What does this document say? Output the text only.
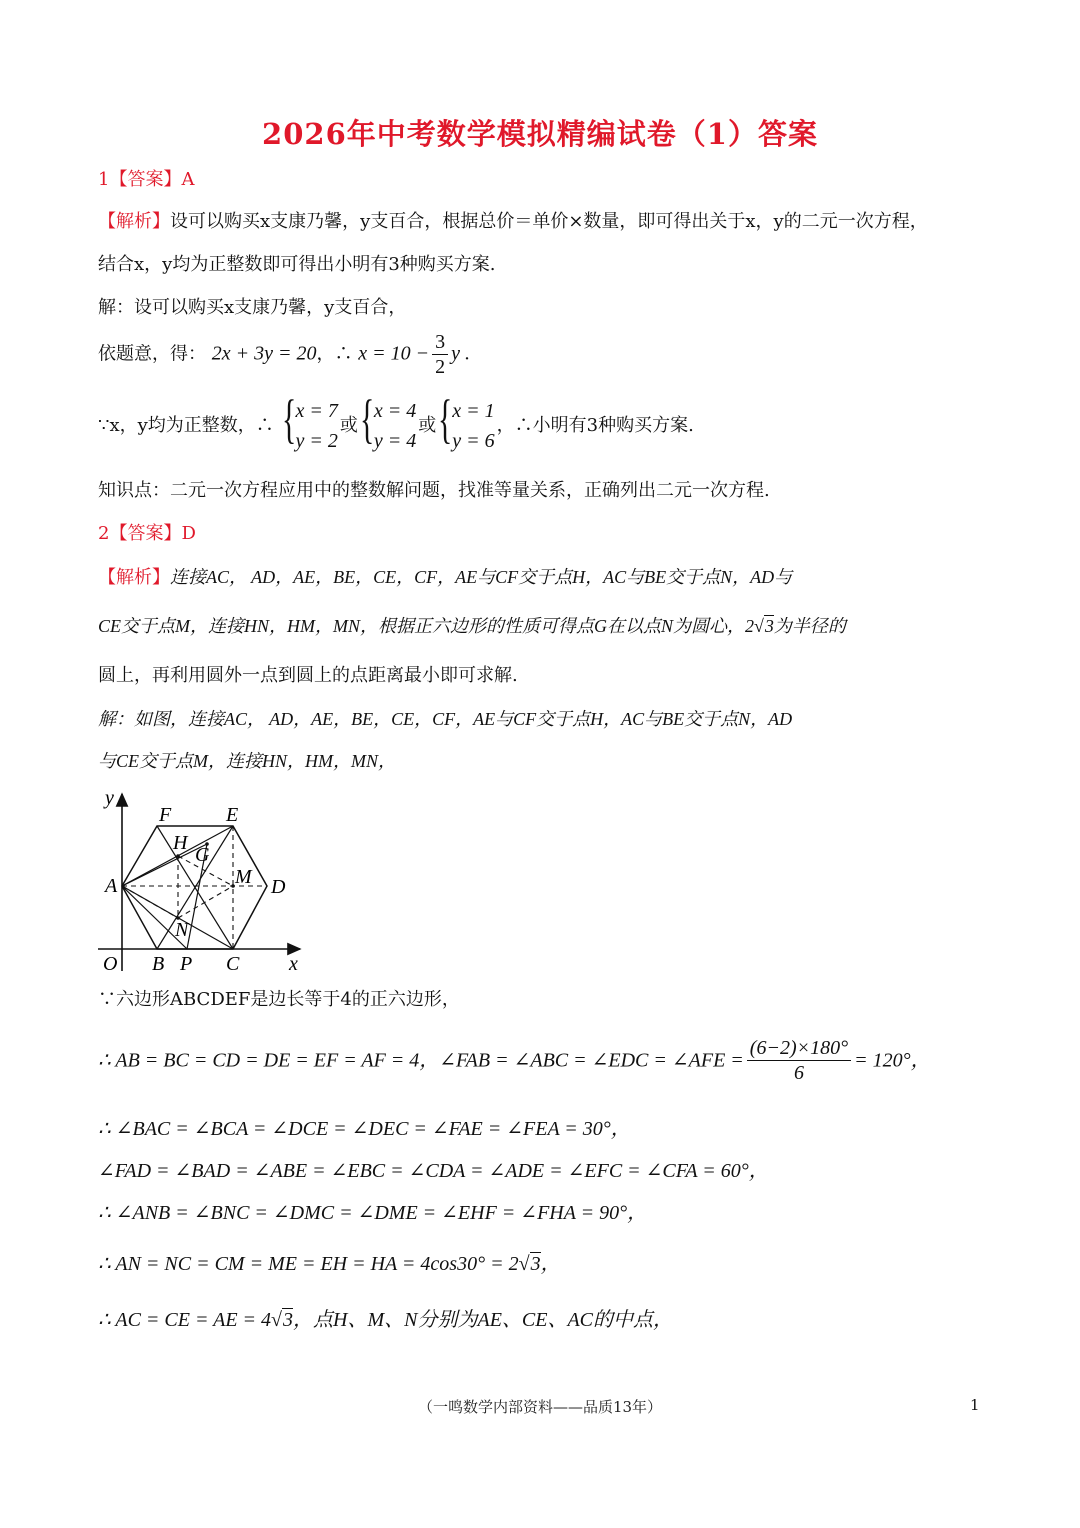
2026年中考数学模拟精编试卷（1）答案
1【答案】A
【解析】设可以购买x支康乃馨，y支百合，根据总价＝单价×数量，即可得出关于x，y的二元一次方程，
结合x，y均为正整数即可得出小明有3种购买方案.
解：设可以购买x支康乃馨，y支百合，
依题意，得： 2x + 3y = 20，∴ $x = 10 - \frac{3}{2}$ y .
∵x，y均为正整数，∴ { x = 7
y = 2
或 { x = 4
y = 4
或 { x = 1
y = 6
，∴小明有3种购买方案.
知识点：二元一次方程应用中的整数解问题，找准等量关系，正确列出二元一次方程.
2【答案】D
【解析】连接AC， AD，AE，BE，CE，CF，AE与CF交于点H，AC与BE交于点N，AD与
CE交于点M，连接HN，HM，MN，根据正六边形的性质可得点G在以点N为圆心，2√3为半径的
圆上，再利用圆外一点到圆上的点距离最小即可求解.
解：如图，连接AC， AD，AE，BE，CE，CF，AE与CF交于点H，AC与BE交于点N，AD
与CE交于点M，连接HN，HM，MN，
y
x
O
A
B P C
D
E
F
H
G
M
N
∵六边形ABCDEF是边长等于4的正六边形，
∴ AB = BC = CD = DE = EF = AF = 4，∠FAB = ∠ABC = ∠EDC = ∠AFE = $\frac{(6-2)\times 180^\circ}{6} = 120^\circ$，
∴ ∠BAC = ∠BCA = ∠DCE = ∠DEC = ∠FAE = ∠FEA = 30°，
∠FAD = ∠BAD = ∠ABE = ∠EBC = ∠CDA = ∠ADE = ∠EFC = ∠CFA = 60°，
∴ ∠ANB = ∠BNC = ∠DMC = ∠DME = ∠EHF = ∠FHA = 90°，
∴ AN = NC = CM = ME = EH = HA = 4cos30° = 2√3，
∴ AC = CE = AE = 4√3，点H、M、N分别为AE、CE、AC的中点，
（一鸣数学内部资料——品质13年）	1
